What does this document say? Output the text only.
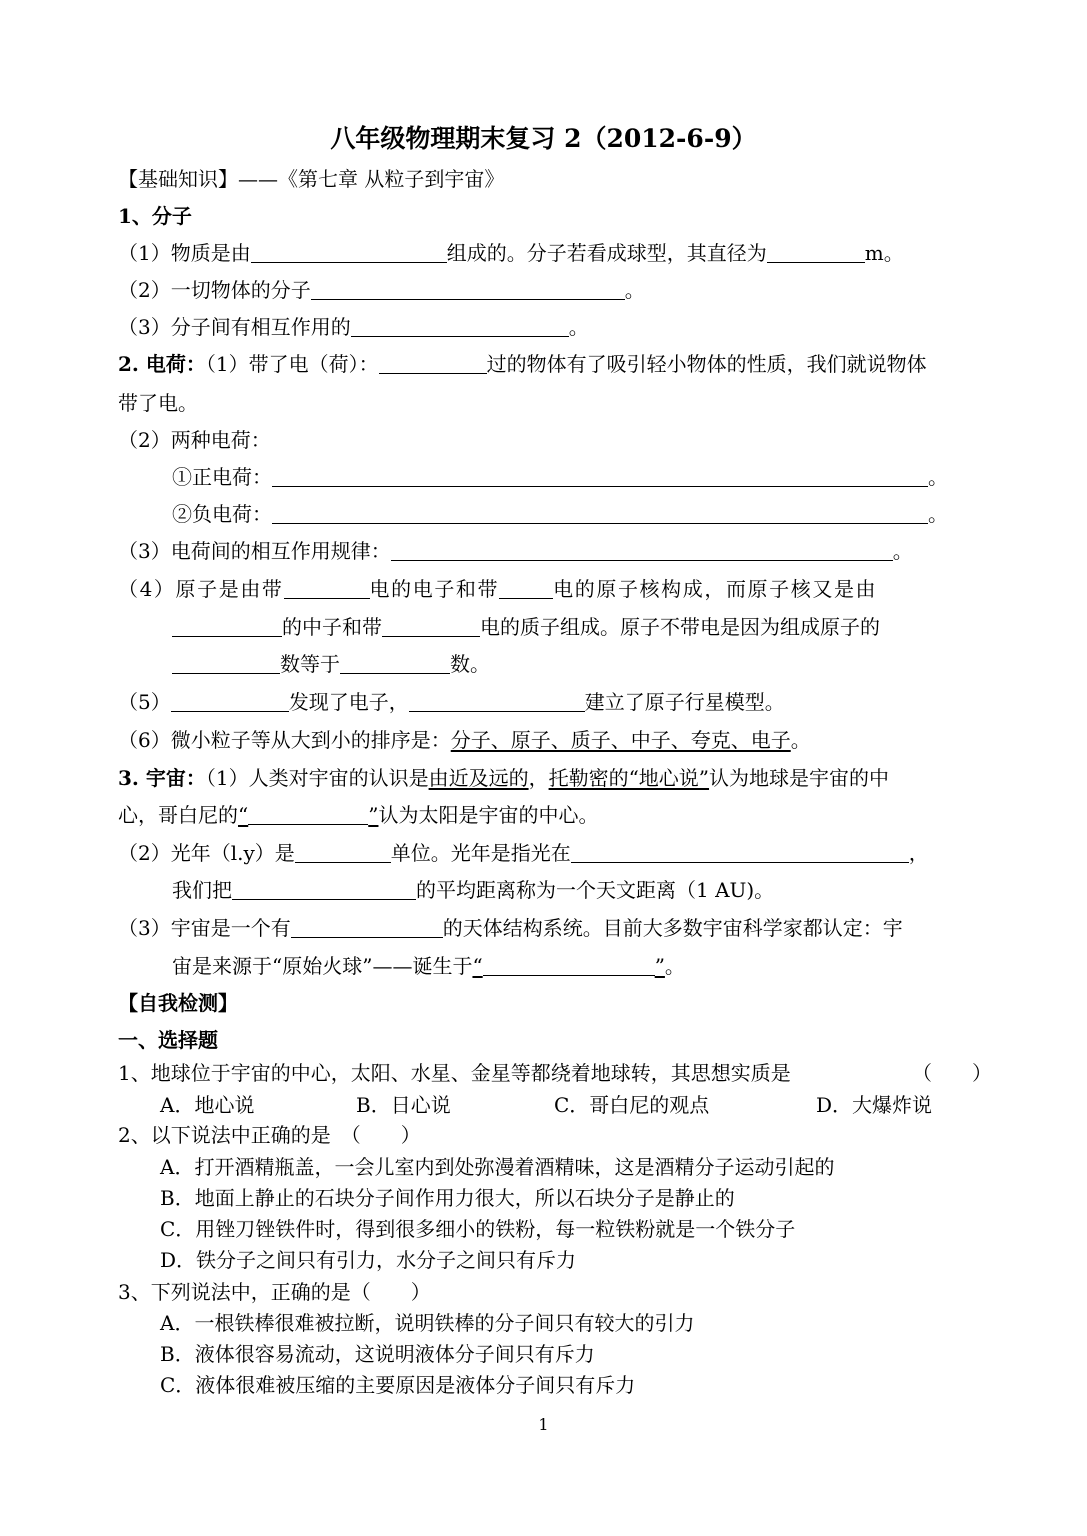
八年级物理期末复习 2（2012-6-9）
【基础知识】——《第七章 从粒子到宇宙》
1、分子
（1）物质是由	组成的。分子若看成球型，其直径为	m。
（2）一切物体的分子	。
（3）分子间有相互作用的	。
2. 电荷：（1）带了电（荷）：	过的物体有了吸引轻小物体的性质，我们就说物体
带了电。
（2）两种电荷：
①正电荷：	。
②负电荷：	。
（3）电荷间的相互作用规律：	。
（4）原子是由带	电的电子和带	电的原子核构成，而原子核又是由
的中子和带	电的质子组成。原子不带电是因为组成原子的
数等于	数。
（5）	发现了电子，	建立了原子行星模型。
（6）微小粒子等从大到小的排序是：分子、原子、质子、中子、夸克、电子。
3. 宇宙：（1）人类对宇宙的认识是由近及远的，托勒密的“地心说”认为地球是宇宙的中
心，哥白尼的“	”认为太阳是宇宙的中心。
（2）光年（l.y）是	单位。光年是指光在	，
我们把	的平均距离称为一个天文距离（1 AU)。
（3）宇宙是一个有	的天体结构系统。目前大多数宇宙科学家都认定：宇
宙是来源于“原始火球”——诞生于“	”。
【自我检测】
一、选择题
1、地球位于宇宙的中心，太阳、水星、金星等都绕着地球转，其思想实质是	（　　）
A．地心说	B．日心说	C．哥白尼的观点	D．大爆炸说
2、以下说法中正确的是　（　　）
A．打开酒精瓶盖，一会儿室内到处弥漫着酒精味，这是酒精分子运动引起的
B．地面上静止的石块分子间作用力很大，所以石块分子是静止的
C．用锉刀锉铁件时，得到很多细小的铁粉，每一粒铁粉就是一个铁分子
D．铁分子之间只有引力，水分子之间只有斥力
3、下列说法中，正确的是（　　）
A．一根铁棒很难被拉断，说明铁棒的分子间只有较大的引力
B．液体很容易流动，这说明液体分子间只有斥力
C．液体很难被压缩的主要原因是液体分子间只有斥力
1
